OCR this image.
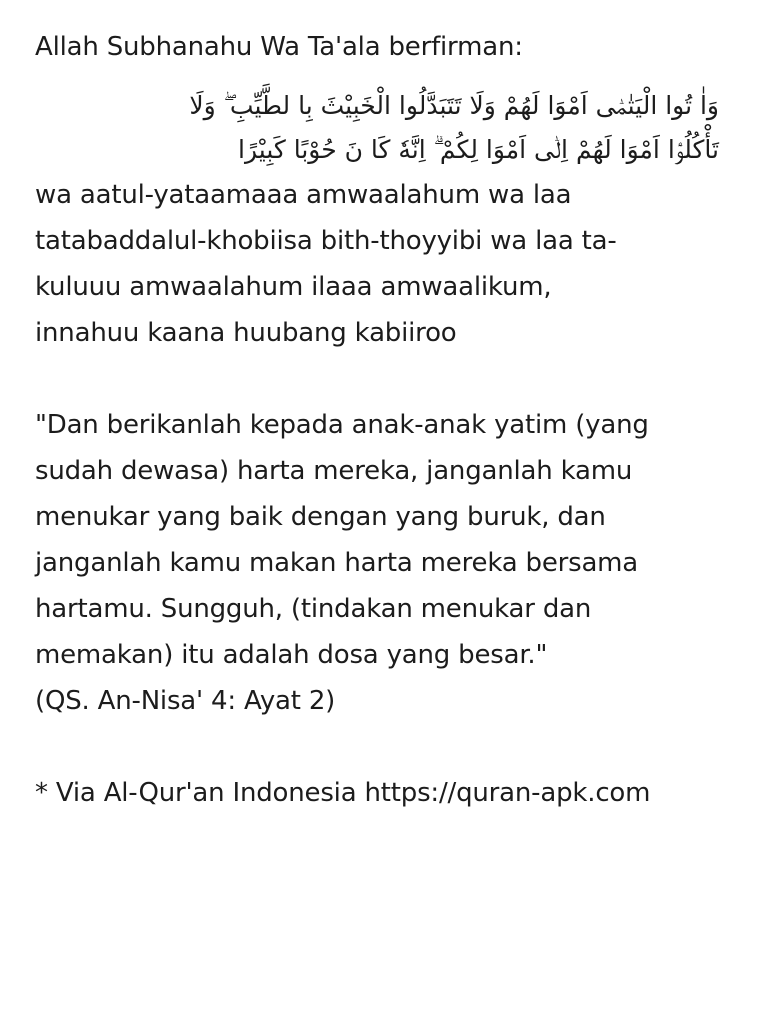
Allah Subhanahu Wa Ta'ala berfirman:
وَاٰ تُوا الْيَتٰمٰۤى اَمْوَا لَهُمْ وَلَا تَتَبَدَّلُوا الْخَبِيْثَ بِا لطَّيِّبِ ۖ وَلَا
تَأْكُلُوْۤا اَمْوَا لَهُمْ اِلٰۤى اَمْوَا لِكُمْ ۗ اِنَّهٗ كَا نَ حُوْبًا كَبِيْرًا
wa aatul-yataamaaa amwaalahum wa laa
tatabaddalul-khobiisa bith-thoyyibi wa laa ta-
kuluuu amwaalahum ilaaa amwaalikum,
innahuu kaana huubang kabiiroo
"Dan berikanlah kepada anak-anak yatim (yang
sudah dewasa) harta mereka, janganlah kamu
menukar yang baik dengan yang buruk, dan
janganlah kamu makan harta mereka bersama
hartamu. Sungguh, (tindakan menukar dan
memakan) itu adalah dosa yang besar."
(QS. An-Nisa' 4: Ayat 2)
* Via Al-Qur'an Indonesia https://quran-apk.com
